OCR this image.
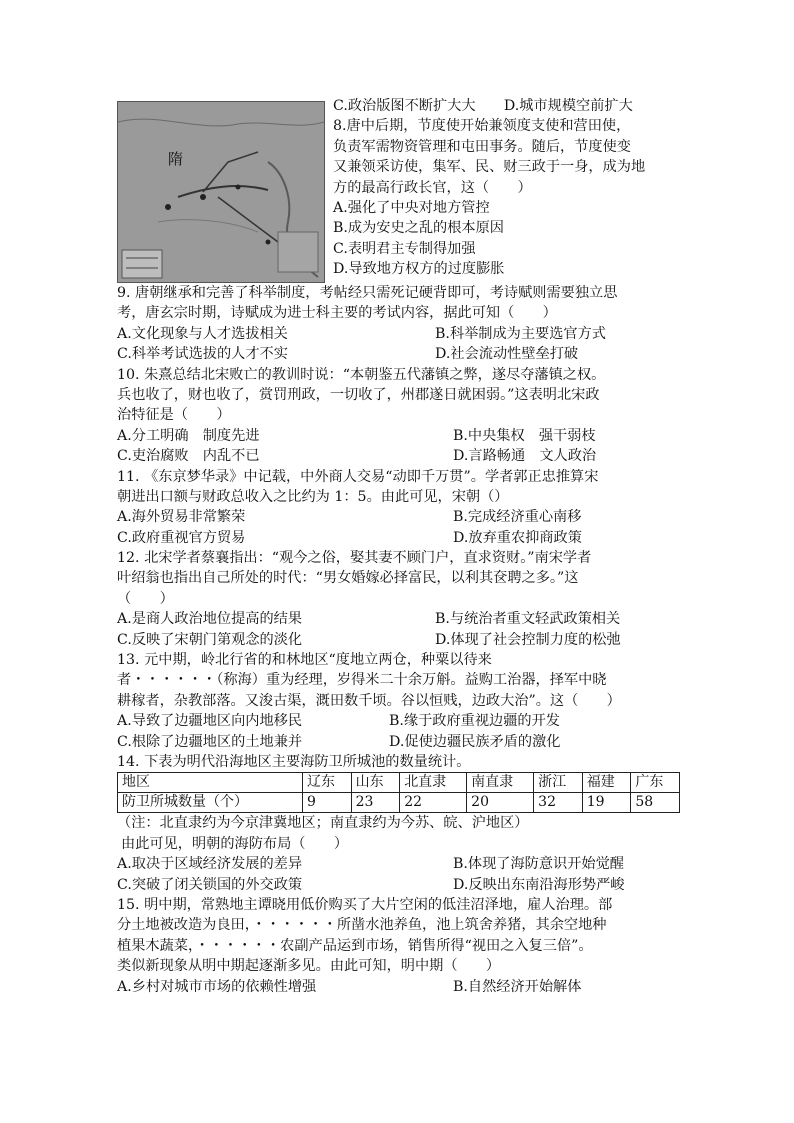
隋
C.政治版图不断扩大大　　D.城市规模空前扩大
8.唐中后期，节度使开始兼领度支使和营田使，
负责军需物资管理和屯田事务。随后，节度使变
又兼领采访使，集军、民、财三政于一身，成为地
方的最高行政长官，这（　　）
A.强化了中央对地方管控
B.成为安史之乱的根本原因
C.表明君主专制得加强
D.导致地方权方的过度膨胀
9. 唐朝继承和完善了科举制度，考帖经只需死记硬背即可，考诗赋则需要独立思
考，唐玄宗时期，诗赋成为进士科主要的考试内容，据此可知（　　）
A.文化现象与人才选拔相关	B.科举制成为主要选官方式
C.科举考试选拔的人才不实	D.社会流动性壁垒打破
10. 朱熹总结北宋败亡的教训时说：“本朝鉴五代藩镇之弊，遂尽夺藩镇之权。
兵也收了，财也收了，赏罚刑政，一切收了，州郡遂日就困弱。”这表明北宋政
治特征是（　　）
A.分工明确　制度先进	B.中央集权　强干弱枝
C.吏治腐败　内乱不已	D.言路畅通　文人政治
11. 《东京梦华录》中记载，中外商人交易“动即千万贯”。学者郭正忠推算宋
朝进出口额与财政总收入之比约为 1：5。由此可见，宋朝（）
A.海外贸易非常繁荣	B.完成经济重心南移
C.政府重视官方贸易	D.放弃重农抑商政策
12. 北宋学者蔡襄指出：“观今之俗，娶其妻不顾门户，直求资财。”南宋学者
叶绍翁也指出自己所处的时代：“男女婚嫁必择富民，以利其奁聘之多。”这
（　　）
A.是商人政治地位提高的结果	B.与统治者重文轻武政策相关
C.反映了宋朝门第观念的淡化	D.体现了社会控制力度的松弛
13. 元中期，岭北行省的和林地区“度地立两仓，种粟以待来
者・・・・・・（称海）重为经理，岁得米二十余万斛。益购工治器，择军中晓
耕稼者，杂教部落。又浚古渠，溉田数千顷。谷以恒贱，边政大治”。这（　　）
A.导致了边疆地区向内地移民	B.缘于政府重视边疆的开发
C.根除了边疆地区的土地兼并	D.促使边疆民族矛盾的激化
14. 下表为明代沿海地区主要海防卫所城池的数量统计。
地区	辽东	山东	北直隶	南直隶	浙江	福建	广东
防卫所城数量（个）	9	23	22	20	32	19	58
（注：北直隶约为今京津冀地区；南直隶约为今苏、皖、沪地区）
由此可见，明朝的海防布局（　　）
A.取决于区域经济发展的差异	B.体现了海防意识开始觉醒
C.突破了闭关锁国的外交政策	D.反映出东南沿海形势严峻
15. 明中期，常熟地主谭晓用低价购买了大片空闲的低洼沼泽地，雇人治理。部
分土地被改造为良田，・・・・・・所凿水池养鱼，池上筑舍养猪，其余空地种
植果木蔬菜，・・・・・・农副产品运到市场，销售所得“视田之入复三倍”。
类似新现象从明中期起逐渐多见。由此可知，明中期（　　）
A.乡村对城市市场的依赖性增强	B.自然经济开始解体
